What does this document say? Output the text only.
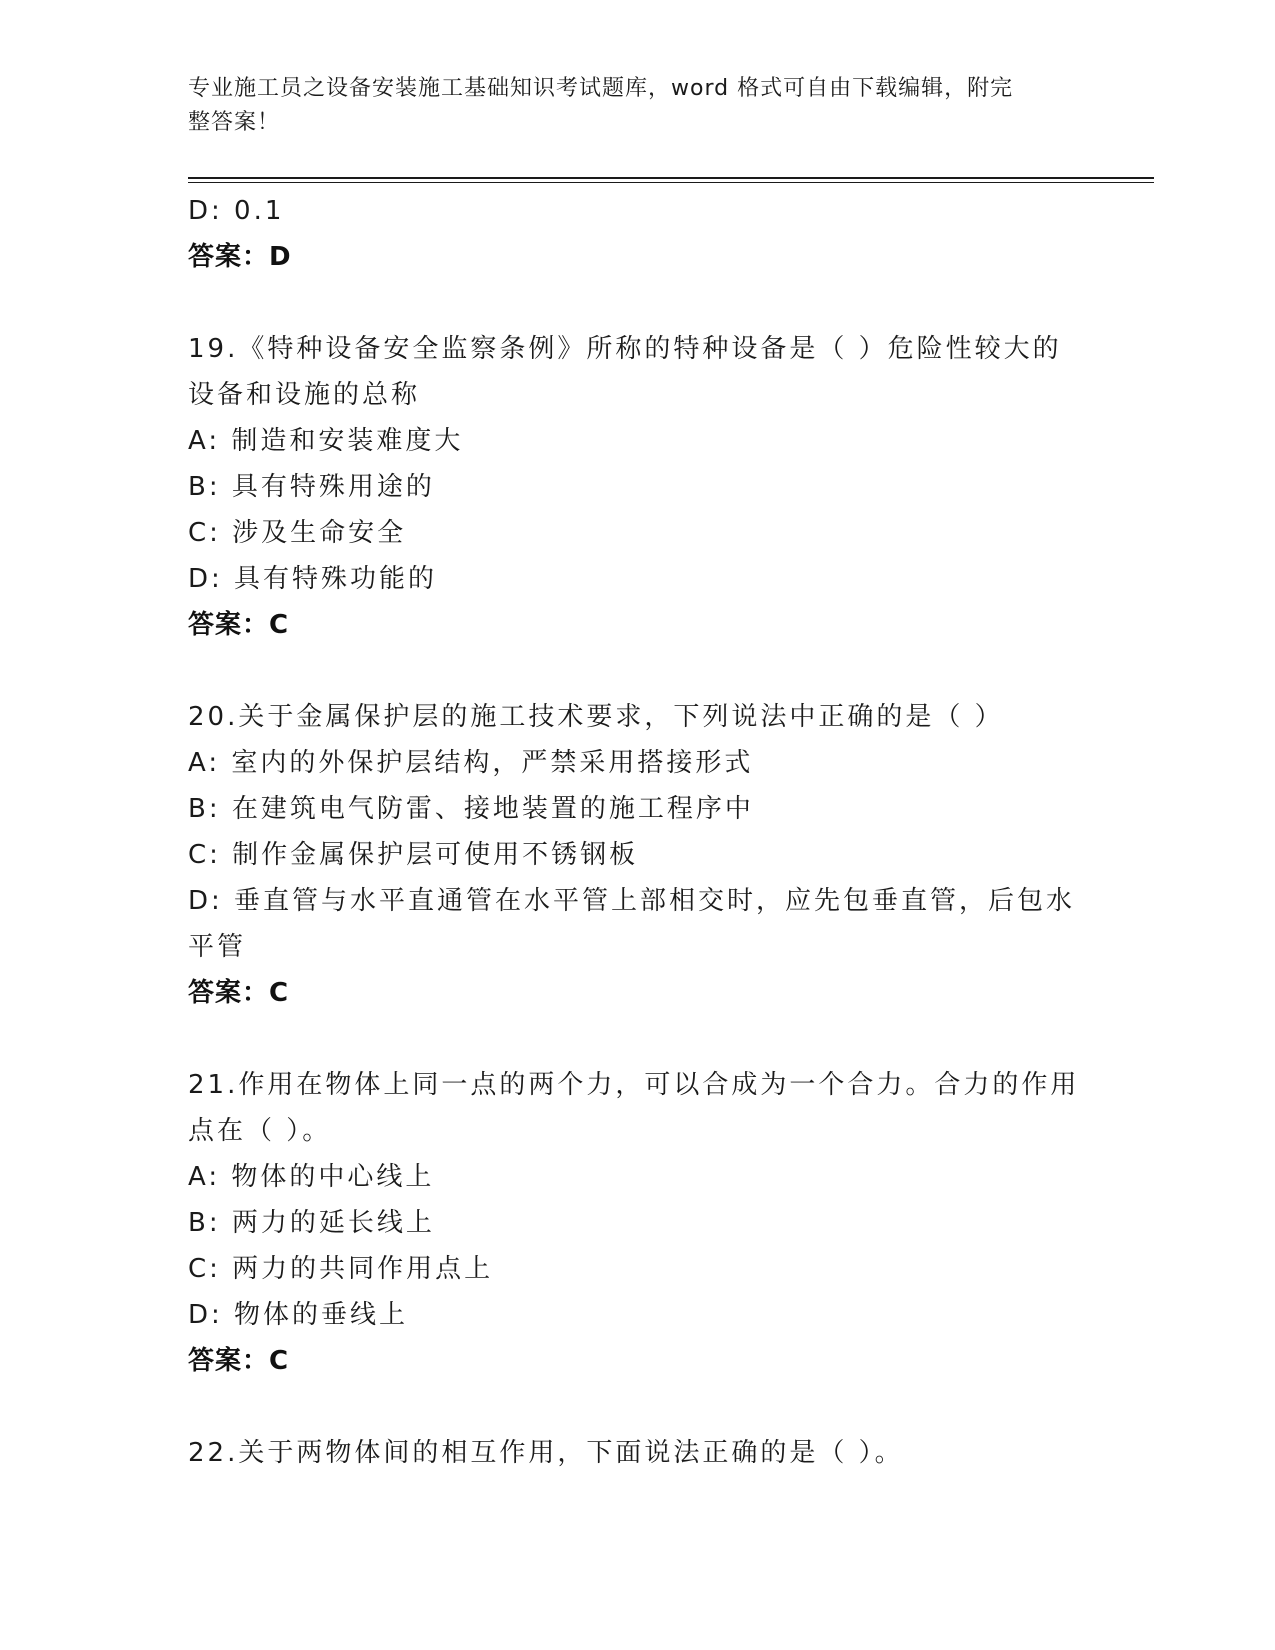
专业施工员之设备安装施工基础知识考试题库，word 格式可自由下载编辑，附完
整答案！
D: 0.1
答案：D
19.《特种设备安全监察条例》所称的特种设备是（ ）危险性较大的
设备和设施的总称
A: 制造和安装难度大
B: 具有特殊用途的
C: 涉及生命安全
D: 具有特殊功能的
答案：C
20.关于金属保护层的施工技术要求，下列说法中正确的是（ ）
A: 室内的外保护层结构，严禁采用搭接形式
B: 在建筑电气防雷、接地装置的施工程序中
C: 制作金属保护层可使用不锈钢板
D: 垂直管与水平直通管在水平管上部相交时，应先包垂直管，后包水
平管
答案：C
21.作用在物体上同一点的两个力，可以合成为一个合力。合力的作用
点在（ ）。
A: 物体的中心线上
B: 两力的延长线上
C: 两力的共同作用点上
D: 物体的垂线上
答案：C
22.关于两物体间的相互作用，下面说法正确的是（ ）。
